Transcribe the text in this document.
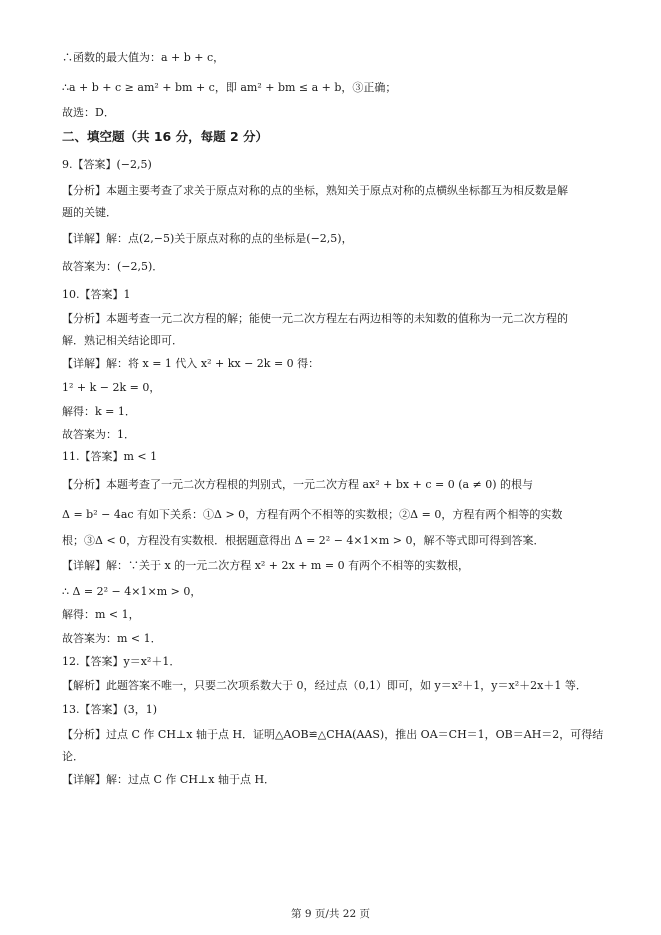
∴函数的最大值为：a + b + c，
∴a + b + c ≥ am² + bm + c，即 am² + bm ≤ a + b，③正确；
故选：D．
二、填空题（共 16 分，每题 2 分）
9.【答案】(−2,5)
【分析】本题主要考查了求关于原点对称的点的坐标，熟知关于原点对称的点横纵坐标都互为相反数是解
题的关键．
【详解】解：点(2,−5)关于原点对称的点的坐标是(−2,5)，
故答案为：(−2,5)．
10.【答案】1
【分析】本题考查一元二次方程的解；能使一元二次方程左右两边相等的未知数的值称为一元二次方程的
解．熟记相关结论即可．
【详解】解：将 x = 1 代入 x² + kx − 2k = 0 得：
1² + k − 2k = 0，
解得：k = 1．
故答案为：1．
11.【答案】m < 1
【分析】本题考查了一元二次方程根的判别式，一元二次方程 ax² + bx + c = 0 (a ≠ 0) 的根与
Δ = b² − 4ac 有如下关系：①Δ > 0，方程有两个不相等的实数根；②Δ = 0，方程有两个相等的实数
根；③Δ < 0，方程没有实数根．根据题意得出 Δ = 2² − 4×1×m > 0，解不等式即可得到答案．
【详解】解：∵关于 x 的一元二次方程 x² + 2x + m = 0 有两个不相等的实数根，
∴ Δ = 2² − 4×1×m > 0，
解得：m < 1，
故答案为：m < 1．
12.【答案】y＝x²＋1．
【解析】此题答案不唯一，只要二次项系数大于 0，经过点（0,1）即可，如 y＝x²＋1，y＝x²＋2x＋1 等．
13.【答案】(3，1)
【分析】过点 C 作 CH⊥x 轴于点 H．证明△AOB≌△CHA(AAS)，推出 OA＝CH＝1，OB＝AH＝2，可得结
论．
【详解】解：过点 C 作 CH⊥x 轴于点 H．
第 9 页/共 22 页
